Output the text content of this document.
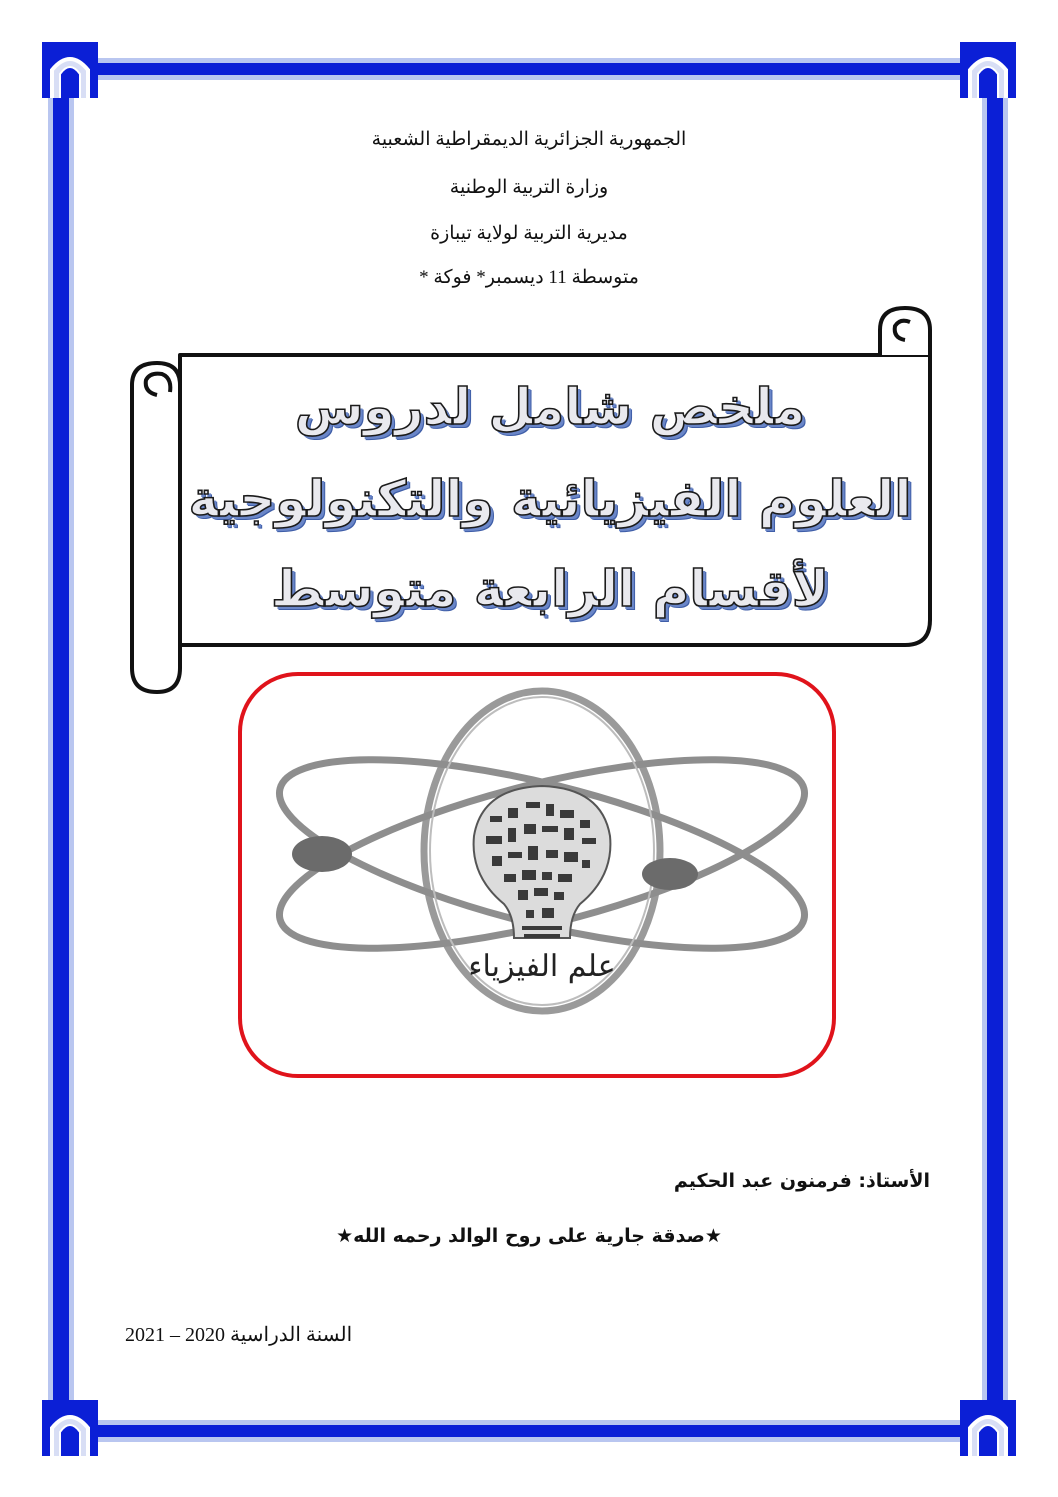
الجمهورية الجزائرية الديمقراطية الشعبية
وزارة التربية الوطنية
مديرية التربية لولاية تيبازة
متوسطة 11 ديسمبر* فوكة *
ملخص شامل لدروس
العلوم الفيزيائية والتكنولوجية
لأقسام الرابعة متوسط
علم الفيزياء
الأستاذ: فرمنون عبد الحكيم
★صدقة جارية على روح الوالد رحمه الله★
السنة الدراسية 2020 – 2021
